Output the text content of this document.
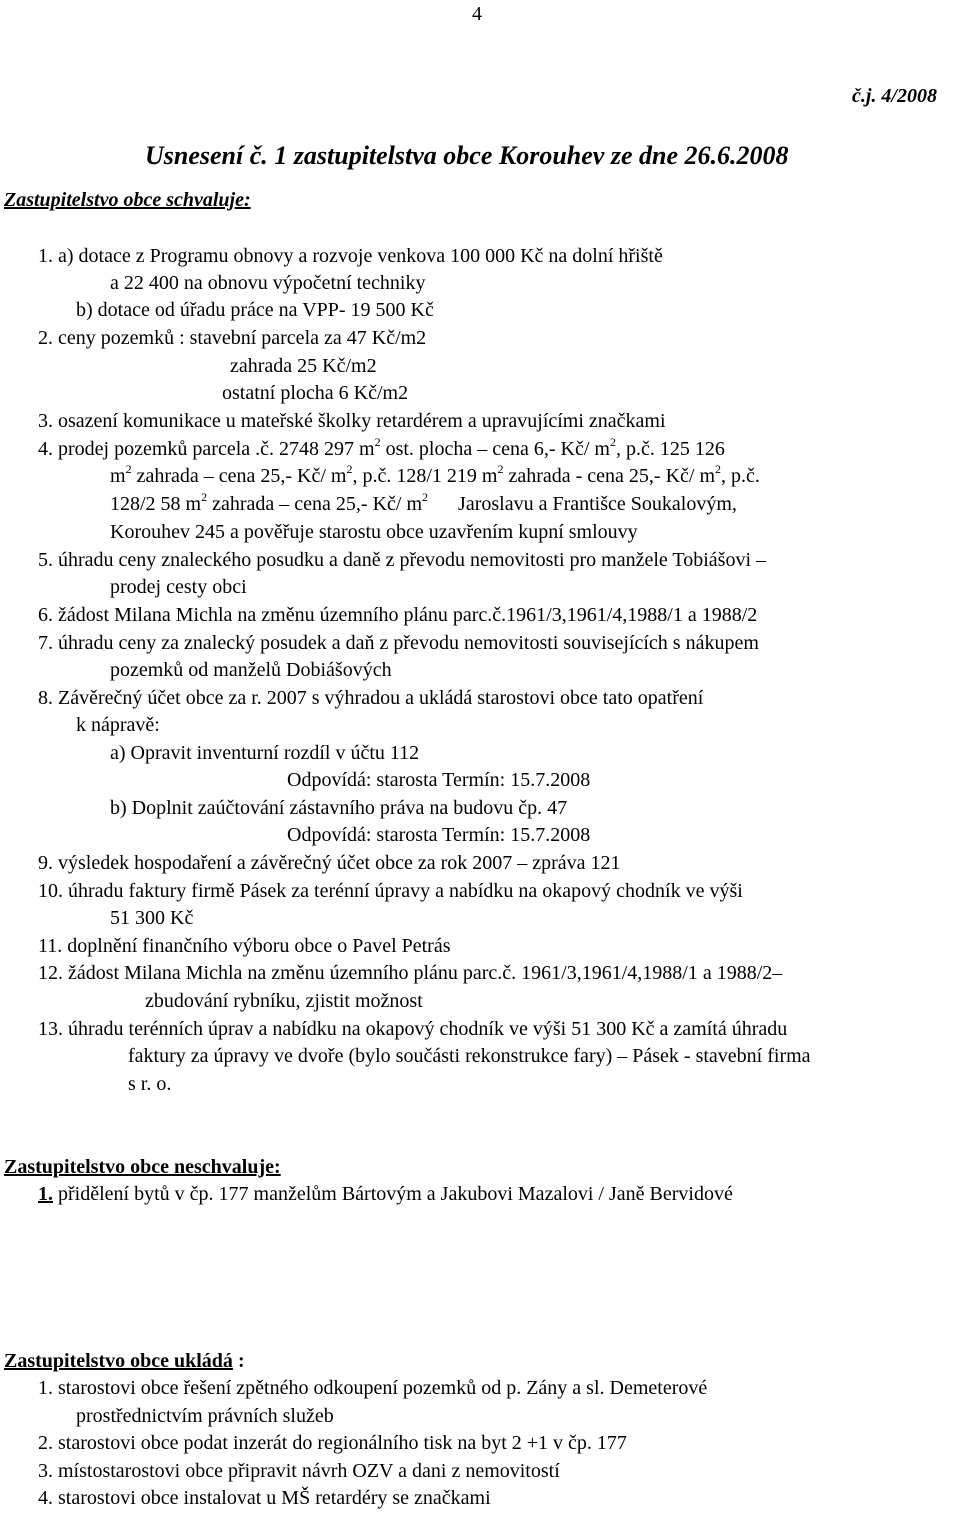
4
č.j. 4/2008
Usnesení č. 1 zastupitelstva obce Korouhev ze dne 26.6.2008
Zastupitelstvo obce schvaluje:
1. a) dotace z Programu obnovy a rozvoje venkova 100 000 Kč na dolní hřiště
a 22 400 na obnovu výpočetní techniky
b) dotace od úřadu práce na VPP- 19 500 Kč
2. ceny pozemků : stavební parcela za 47 Kč/m2
zahrada 25 Kč/m2
ostatní plocha 6 Kč/m2
3. osazení komunikace u mateřské školky retardérem a upravujícími značkami
4. prodej pozemků parcela .č. 2748 297 $m^2$ ost. plocha – cena 6,- Kč/ $m^2$, p.č. 125 126
$m^2$ zahrada – cena 25,- Kč/ $m^2$, p.č. 128/1 219 $m^2$ zahrada - cena 25,- Kč/ $m^2$, p.č.
128/2 58 $m^2$ zahrada – cena 25,- Kč/ $m^2$ Jaroslavu a Františce Soukalovým,
Korouhev 245 a pověřuje starostu obce uzavřením kupní smlouvy
5. úhradu ceny znaleckého posudku a daně z převodu nemovitosti pro manžele Tobiášovi –
prodej cesty obci
6. žádost Milana Michla na změnu územního plánu parc.č.1961/3,1961/4,1988/1 a 1988/2
7. úhradu ceny za znalecký posudek a daň z převodu nemovitosti souvisejících s nákupem
pozemků od manželů Dobiášových
8. Závěrečný účet obce za r. 2007 s výhradou a ukládá starostovi obce tato opatření
k nápravě:
a) Opravit inventurní rozdíl v účtu 112
Odpovídá: starosta Termín: 15.7.2008
b) Doplnit zaúčtování zástavního práva na budovu čp. 47
Odpovídá: starosta Termín: 15.7.2008
9. výsledek hospodaření a závěrečný účet obce za rok 2007 – zpráva 121
10. úhradu faktury firmě Pásek za terénní úpravy a nabídku na okapový chodník ve výši
51 300 Kč
11. doplnění finančního výboru obce o Pavel Petrás
12. žádost Milana Michla na změnu územního plánu parc.č. 1961/3,1961/4,1988/1 a 1988/2–
zbudování rybníku, zjistit možnost
13. úhradu terénních úprav a nabídku na okapový chodník ve výši 51 300 Kč a zamítá úhradu
faktury za úpravy ve dvoře (bylo součásti rekonstrukce fary) – Pásek - stavební firma
s r. o.
Zastupitelstvo obce neschvaluje:
1. přidělení bytů v čp. 177 manželům Bártovým a Jakubovi Mazalovi / Janě Bervidové
Zastupitelstvo obce ukládá :
1. starostovi obce řešení zpětného odkoupení pozemků od p. Zány a sl. Demeterové
prostřednictvím právních služeb
2. starostovi obce podat inzerát do regionálního tisk na byt 2 +1 v čp. 177
3. místostarostovi obce připravit návrh OZV a dani z nemovitostí
4. starostovi obce instalovat u MŠ retardéry se značkami
